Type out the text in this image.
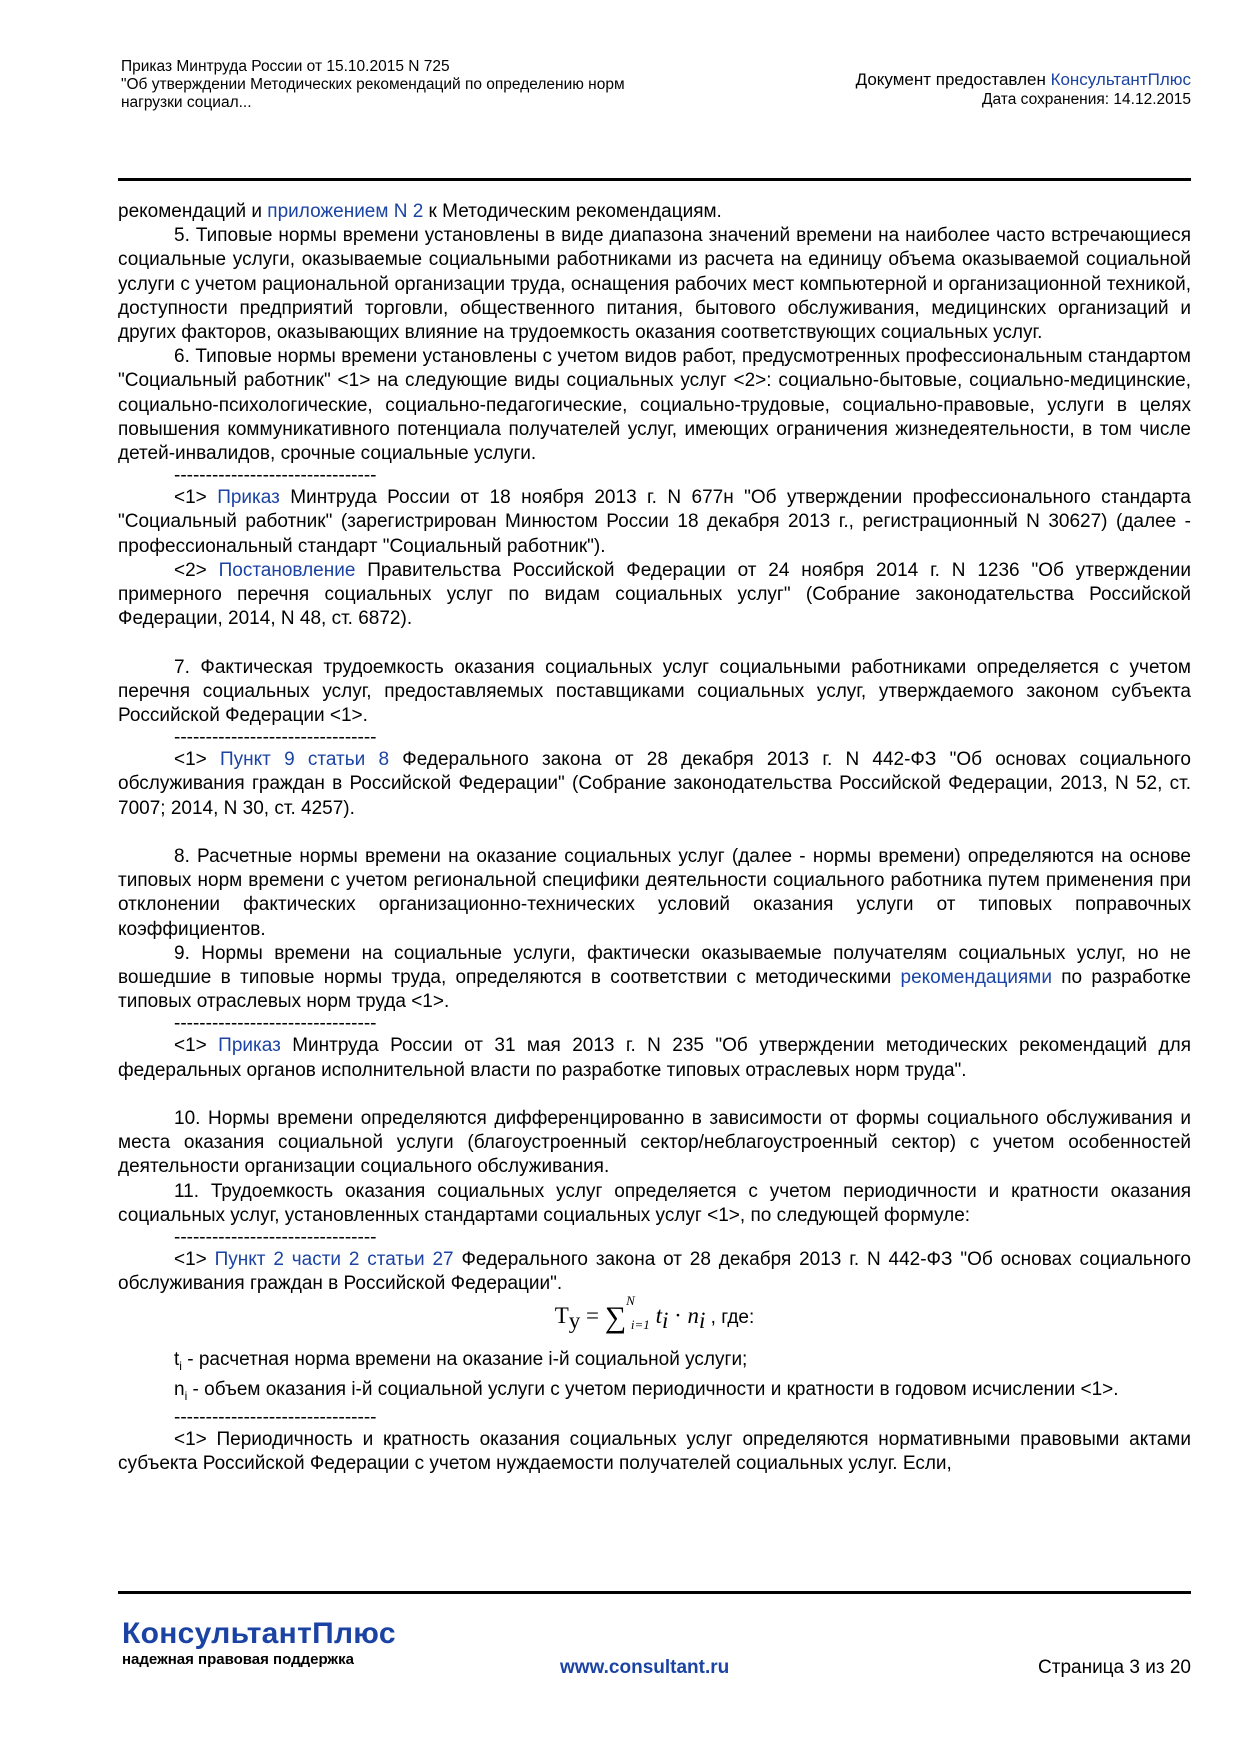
Приказ Минтруда России от 15.10.2015 N 725
"Об утверждении Методических рекомендаций по определению норм
нагрузки социал...
Документ предоставлен КонсультантПлюс
Дата сохранения: 14.12.2015

рекомендаций и приложением N 2 к Методическим рекомендациям.

5. Типовые нормы времени установлены в виде диапазона значений времени на наиболее часто встречающиеся социальные услуги, оказываемые социальными работниками из расчета на единицу объема оказываемой социальной услуги с учетом рациональной организации труда, оснащения рабочих мест компьютерной и организационной техникой, доступности предприятий торговли, общественного питания, бытового обслуживания, медицинских организаций и других факторов, оказывающих влияние на трудоемкость оказания соответствующих социальных услуг.

6. Типовые нормы времени установлены с учетом видов работ, предусмотренных профессиональным стандартом "Социальный работник" <1> на следующие виды социальных услуг <2>: социально-бытовые, социально-медицинские, социально-психологические, социально-педагогические, социально-трудовые, социально-правовые, услуги в целях повышения коммуникативного потенциала получателей услуг, имеющих ограничения жизнедеятельности, в том числе детей-инвалидов, срочные социальные услуги.

--------------------------------

<1> Приказ Минтруда России от 18 ноября 2013 г. N 677н "Об утверждении профессионального стандарта "Социальный работник" (зарегистрирован Минюстом России 18 декабря 2013 г., регистрационный N 30627) (далее - профессиональный стандарт "Социальный работник").

<2> Постановление Правительства Российской Федерации от 24 ноября 2014 г. N 1236 "Об утверждении примерного перечня социальных услуг по видам социальных услуг" (Собрание законодательства Российской Федерации, 2014, N 48, ст. 6872).

7. Фактическая трудоемкость оказания социальных услуг социальными работниками определяется с учетом перечня социальных услуг, предоставляемых поставщиками социальных услуг, утверждаемого законом субъекта Российской Федерации <1>.

--------------------------------

<1> Пункт 9 статьи 8 Федерального закона от 28 декабря 2013 г. N 442-ФЗ "Об основах социального обслуживания граждан в Российской Федерации" (Собрание законодательства Российской Федерации, 2013, N 52, ст. 7007; 2014, N 30, ст. 4257).

8. Расчетные нормы времени на оказание социальных услуг (далее - нормы времени) определяются на основе типовых норм времени с учетом региональной специфики деятельности социального работника путем применения при отклонении фактических организационно-технических условий оказания услуги от типовых поправочных коэффициентов.

9. Нормы времени на социальные услуги, фактически оказываемые получателям социальных услуг, но не вошедшие в типовые нормы труда, определяются в соответствии с методическими рекомендациями по разработке типовых отраслевых норм труда <1>.

--------------------------------

<1> Приказ Минтруда России от 31 мая 2013 г. N 235 "Об утверждении методических рекомендаций для федеральных органов исполнительной власти по разработке типовых отраслевых норм труда".

10. Нормы времени определяются дифференцированно в зависимости от формы социального обслуживания и места оказания социальной услуги (благоустроенный сектор/неблагоустроенный сектор) с учетом особенностей деятельности организации социального обслуживания.

11. Трудоемкость оказания социальных услуг определяется с учетом периодичности и кратности оказания социальных услуг, установленных стандартами социальных услуг <1>, по следующей формуле:

--------------------------------

<1> Пункт 2 части 2 статьи 27 Федерального закона от 28 декабря 2013 г. N 442-ФЗ "Об основах социального обслуживания граждан в Российской Федерации".

$T_у = \sum^N_{i=1}$ $t_i \cdot n_i$ , где:

$t_i$ - расчетная норма времени на оказание i-й социальной услуги;

$n_i$ - объем оказания i-й социальной услуги с учетом периодичности и кратности в годовом исчислении <1>.

--------------------------------

<1> Периодичность и кратность оказания социальных услуг определяются нормативными правовыми актами субъекта Российской Федерации с учетом нуждаемости получателей социальных услуг. Если,

КонсультантПлюс
надежная правовая поддержка	www.consultant.ru	Страница 3 из 20
